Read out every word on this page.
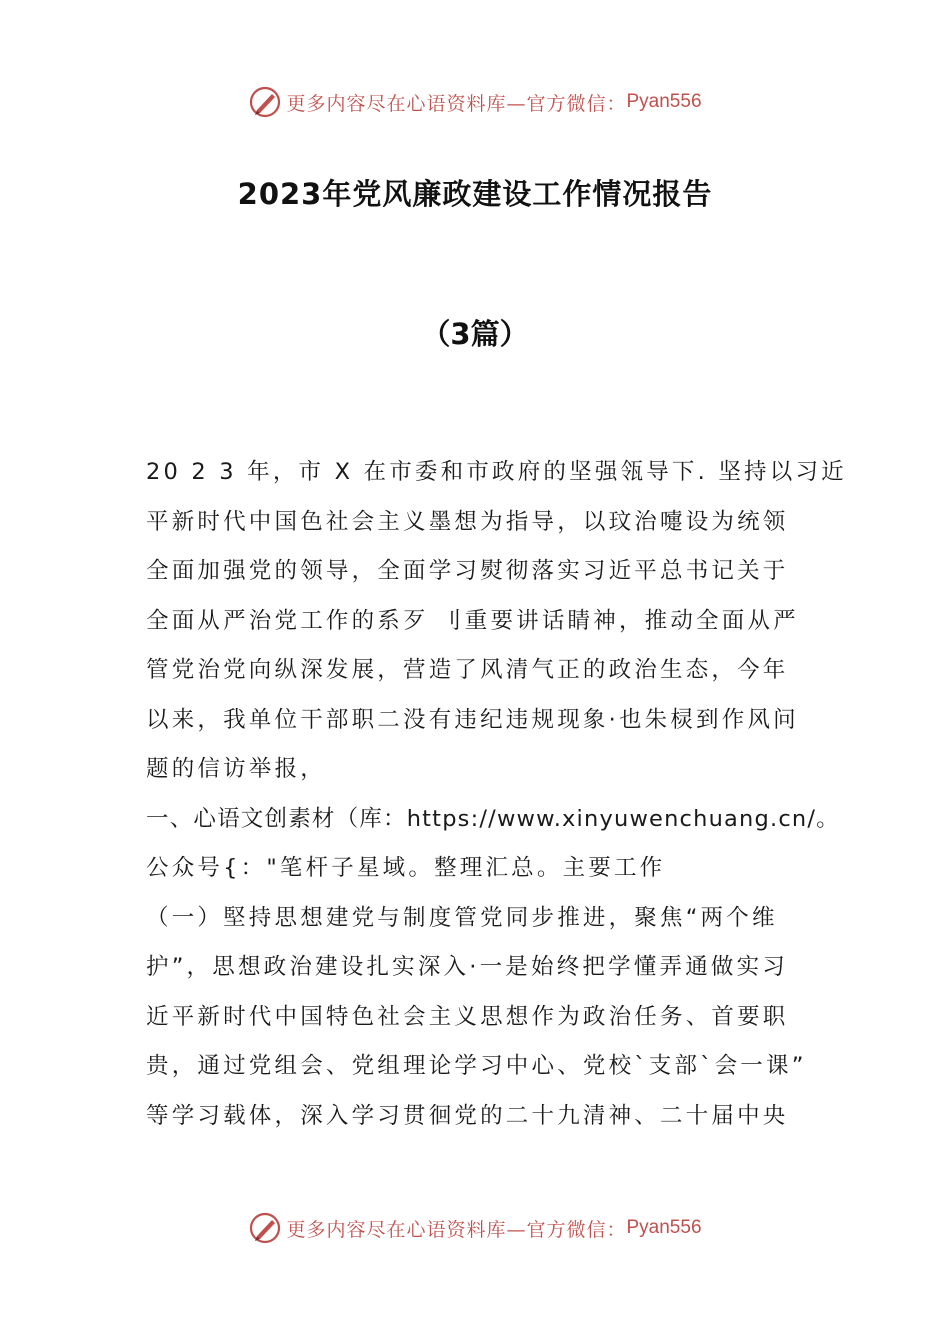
更多内容尽在心语资料库—官方微信： Pyan556
2023年党风廉政建设工作情况报告
（3篇）
20 2 3 年，市 X 在市委和市政府的坚强瓴导下. 坚持以习近
平新时代中国色社会主义墨想为指导，以玟治嚏设为统领
全面加强党的领导，全面学习熨彻落实习近平总书记关于
全面从严治党工作的系歹 刂重要讲话睛神，推动全面从严
管党治党向纵深发展，营造了风清气正的政治生态，今年
以来，我单位干部职二没有违纪违规现象·也朱棂到作风问
题的信访举报，
一、心语文创素材（库：https://www.xinyuwenchuang.cn/。
公众号{："笔杆子星域。整理汇总。主要工作
（一）堅持思想建党与制度管党同步推进，聚焦“两个维
护”，思想政治建设扎实深入·一是始终把学懂弄通做实习
近平新时代中国特色社会主义思想作为政治任务、首要职
贵，通过党组会、党组理论学习中心、党校`支部`会一课”
等学习载体，深入学习贯徊党的二十九清神、二十届中央
更多内容尽在心语资料库—官方微信： Pyan556
